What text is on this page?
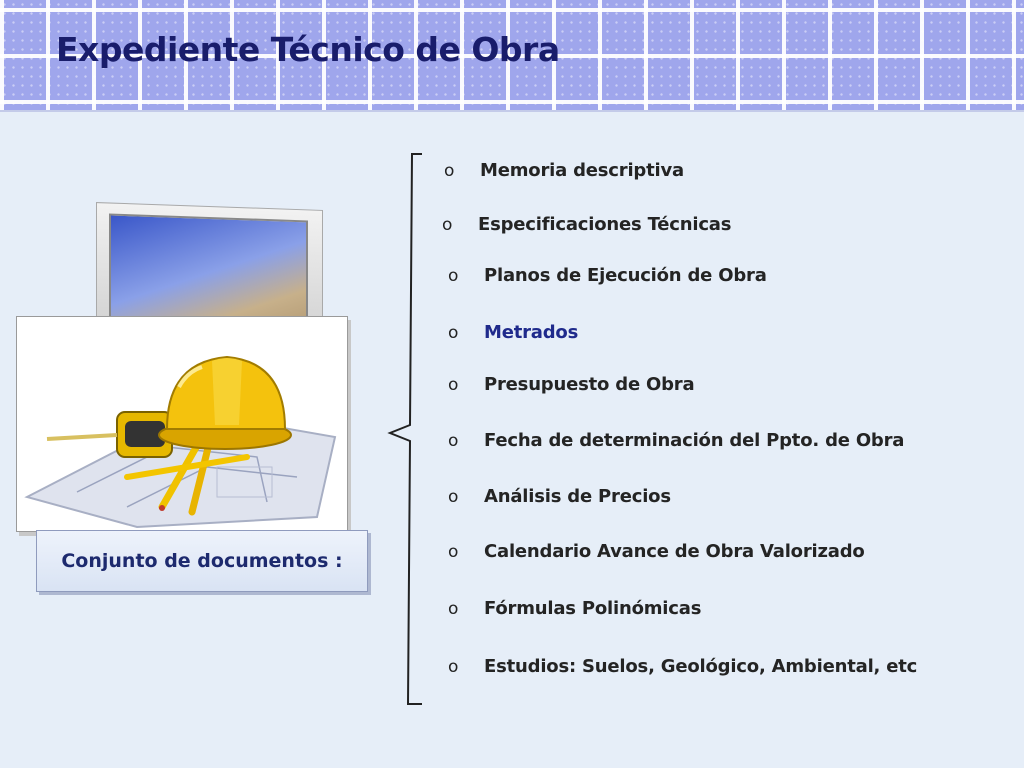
Expediente Técnico de Obra
Conjunto de documentos :
o	Memoria descriptiva
o	Especificaciones Técnicas
o	Planos de Ejecución de Obra
o	Metrados
o	Presupuesto de Obra
o	Fecha de determinación del Ppto. de Obra
o	Análisis de Precios
o	Calendario Avance de Obra Valorizado
o	Fórmulas Polinómicas
o	Estudios: Suelos, Geológico, Ambiental, etc
